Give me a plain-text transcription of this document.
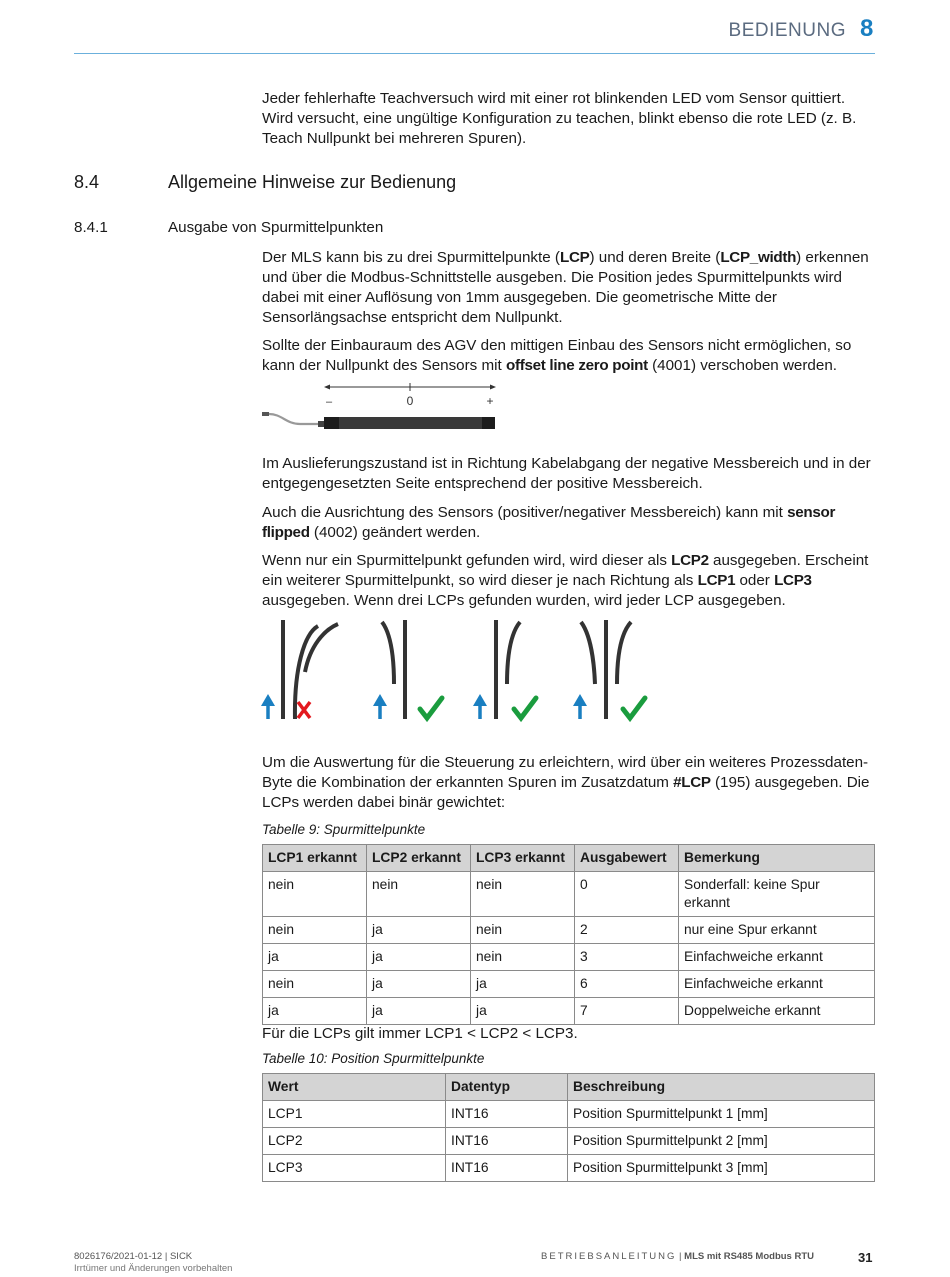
BEDIENUNG 8

Jeder fehlerhafte Teachversuch wird mit einer rot blinkenden LED vom Sensor quittiert. Wird versucht, eine ungültige Konfiguration zu teachen, blinkt ebenso die rote LED (z. B. Teach Nullpunkt bei mehreren Spuren).

8.4	Allgemeine Hinweise zur Bedienung
8.4.1	Ausgabe von Spurmittelpunkten

Der MLS kann bis zu drei Spurmittelpunkte (LCP) und deren Breite (LCP_width) erkennen und über die Modbus-Schnittstelle ausgeben. Die Position jedes Spurmittelpunkts wird dabei mit einer Auflösung von 1mm ausgegeben. Die geometrische Mitte der Sensorlängsachse entspricht dem Nullpunkt.

Sollte der Einbauraum des AGV den mittigen Einbau des Sensors nicht ermöglichen, so kann der Nullpunkt des Sensors mit offset line zero point (4001) verschoben werden.

–	0	+

Im Auslieferungszustand ist in Richtung Kabelabgang der negative Messbereich und in der entgegengesetzten Seite entsprechend der positive Messbereich.

Auch die Ausrichtung des Sensors (positiver/negativer Messbereich) kann mit sensor flipped (4002) geändert werden.

Wenn nur ein Spurmittelpunkt gefunden wird, wird dieser als LCP2 ausgegeben. Erscheint ein weiterer Spurmittelpunkt, so wird dieser je nach Richtung als LCP1 oder LCP3 ausgegeben. Wenn drei LCPs gefunden wurden, wird jeder LCP ausgegeben.

Um die Auswertung für die Steuerung zu erleichtern, wird über ein weiteres Prozessdaten-Byte die Kombination der erkannten Spuren im Zusatzdatum #LCP (195) ausgegeben. Die LCPs werden dabei binär gewichtet:

Tabelle 9: Spurmittelpunkte
LCP1 erkannt	LCP2 erkannt	LCP3 erkannt	Ausgabewert	Bemerkung
nein	nein	nein	0	Sonderfall: keine Spur erkannt
nein	ja	nein	2	nur eine Spur erkannt
ja	ja	nein	3	Einfachweiche erkannt
nein	ja	ja	6	Einfachweiche erkannt
ja	ja	ja	7	Doppelweiche erkannt

Für die LCPs gilt immer LCP1 < LCP2 < LCP3.

Tabelle 10: Position Spurmittelpunkte
Wert	Datentyp	Beschreibung
LCP1	INT16	Position Spurmittelpunkt 1 [mm]
LCP2	INT16	Position Spurmittelpunkt 2 [mm]
LCP3	INT16	Position Spurmittelpunkt 3 [mm]
8026176/2021-01-12 | SICK
Irrtümer und Änderungen vorbehalten
BETRIEBSANLEITUNG | MLS mit RS485 Modbus RTU	31
